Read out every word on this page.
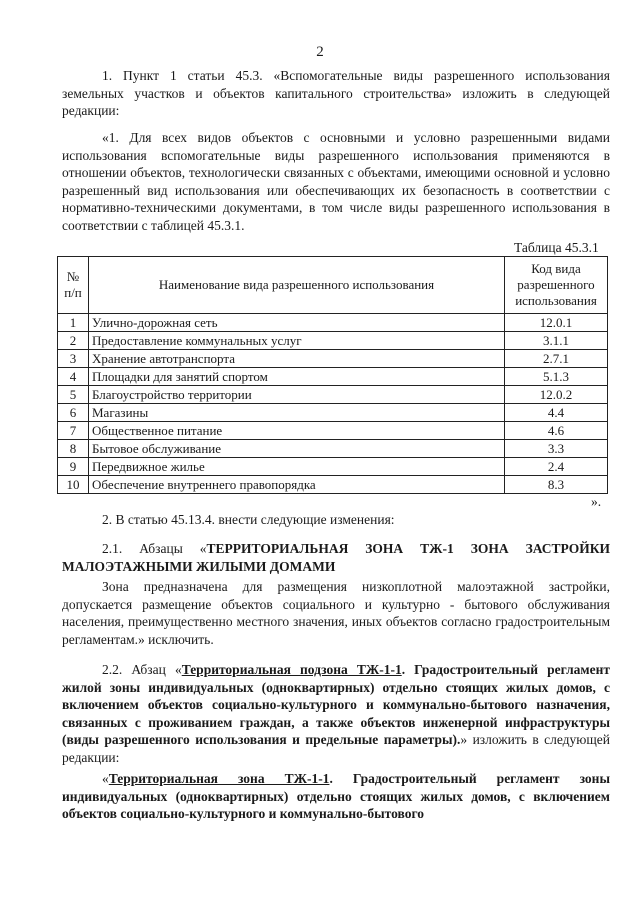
2
1. Пункт 1 статьи 45.3. «Вспомогательные виды разрешенного использования земельных участков и объектов капитального строительства» изложить в следующей редакции:
«1. Для всех видов объектов с основными и условно разрешенными видами использования вспомогательные виды разрешенного использования применяются в отношении объектов, технологически связанных с объектами, имеющими основной и условно разрешенный вид использования или обеспечивающих их безопасность в соответствии с нормативно-техническими документами, в том числе виды разрешенного использования в соответствии с таблицей 45.3.1.
Таблица 45.3.1
№ п/п	Наименование вида разрешенного использования	Код вида разрешенного использования
1	Улично-дорожная сеть	12.0.1
2	Предоставление коммунальных услуг	3.1.1
3	Хранение автотранспорта	2.7.1
4	Площадки для занятий спортом	5.1.3
5	Благоустройство территории	12.0.2
6	Магазины	4.4
7	Общественное питание	4.6
8	Бытовое обслуживание	3.3
9	Передвижное жилье	2.4
10	Обеспечение внутреннего правопорядка	8.3
».
2. В статью 45.13.4. внести следующие изменения:
2.1. Абзацы «ТЕРРИТОРИАЛЬНАЯ ЗОНА ТЖ-1 ЗОНА ЗАСТРОЙКИ МАЛОЭТАЖНЫМИ ЖИЛЫМИ ДОМАМИ
Зона предназначена для размещения низкоплотной малоэтажной застройки, допускается размещение объектов социального и культурно - бытового обслуживания населения, преимущественно местного значения, иных объектов согласно градостроительным регламентам.» исключить.
2.2. Абзац «Территориальная подзона ТЖ-1-1. Градостроительный регламент жилой зоны индивидуальных (одноквартирных) отдельно стоящих жилых домов, с включением объектов социально-культурного и коммунально-бытового назначения, связанных с проживанием граждан, а также объектов инженерной инфраструктуры (виды разрешенного использования и предельные параметры).» изложить в следующей редакции:
«Территориальная зона ТЖ-1-1. Градостроительный регламент зоны индивидуальных (одноквартирных) отдельно стоящих жилых домов, с включением объектов социально-культурного и коммунально-бытового
